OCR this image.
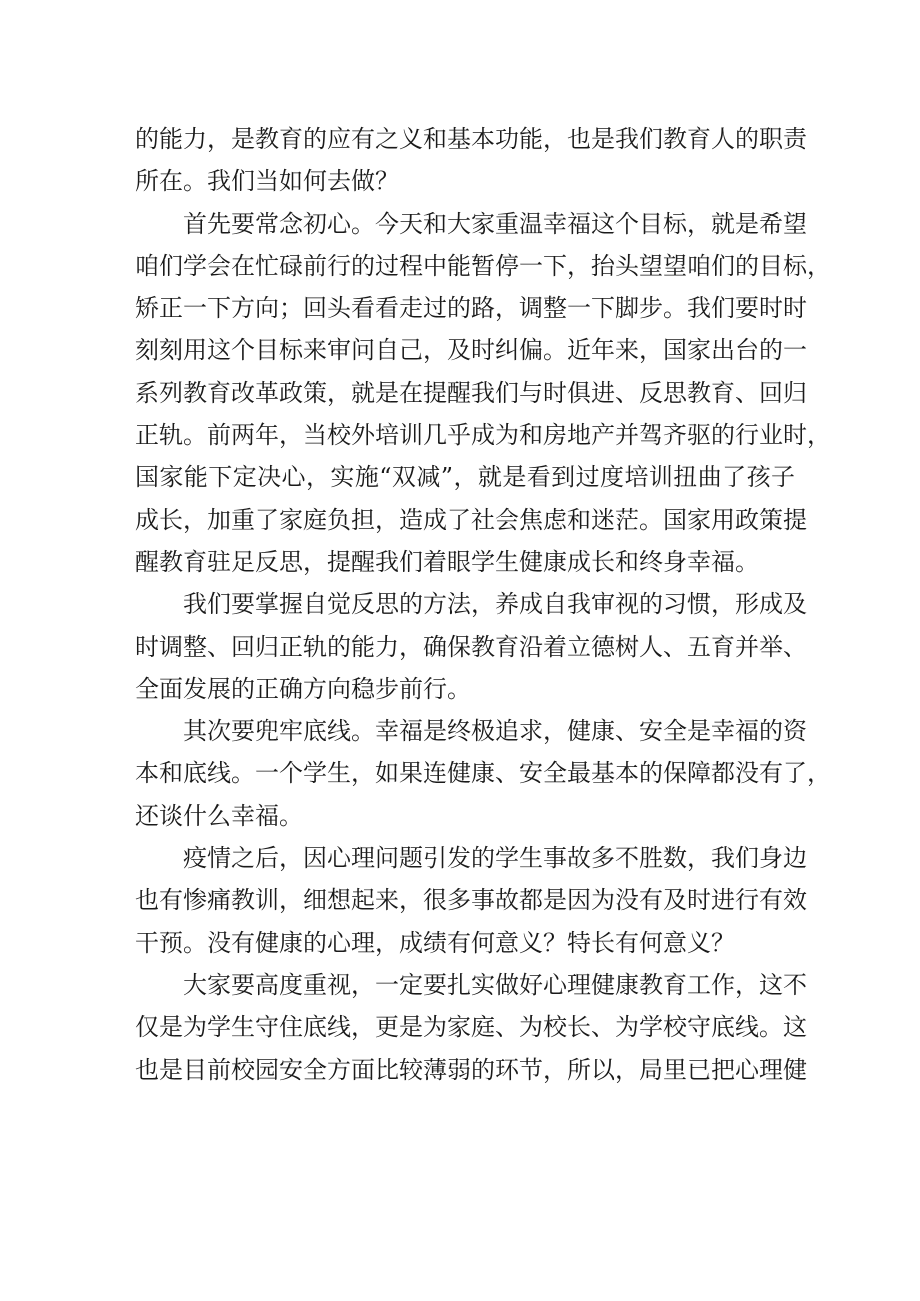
的能力，是教育的应有之义和基本功能，也是我们教育人的职责
所在。我们当如何去做？
首先要常念初心。今天和大家重温幸福这个目标，就是希望
咱们学会在忙碌前行的过程中能暂停一下，抬头望望咱们的目标，
矫正一下方向；回头看看走过的路，调整一下脚步。我们要时时
刻刻用这个目标来审问自己，及时纠偏。近年来，国家出台的一
系列教育改革政策，就是在提醒我们与时俱进、反思教育、回归
正轨。前两年，当校外培训几乎成为和房地产并驾齐驱的行业时，
国家能下定决心，实施“双减”，就是看到过度培训扭曲了孩子
成长，加重了家庭负担，造成了社会焦虑和迷茫。国家用政策提
醒教育驻足反思，提醒我们着眼学生健康成长和终身幸福。
我们要掌握自觉反思的方法，养成自我审视的习惯，形成及
时调整、回归正轨的能力，确保教育沿着立德树人、五育并举、
全面发展的正确方向稳步前行。
其次要兜牢底线。幸福是终极追求，健康、安全是幸福的资
本和底线。一个学生，如果连健康、安全最基本的保障都没有了，
还谈什么幸福。
疫情之后，因心理问题引发的学生事故多不胜数，我们身边
也有惨痛教训，细想起来，很多事故都是因为没有及时进行有效
干预。没有健康的心理，成绩有何意义？特长有何意义？
大家要高度重视，一定要扎实做好心理健康教育工作，这不
仅是为学生守住底线，更是为家庭、为校长、为学校守底线。这
也是目前校园安全方面比较薄弱的环节，所以，局里已把心理健
